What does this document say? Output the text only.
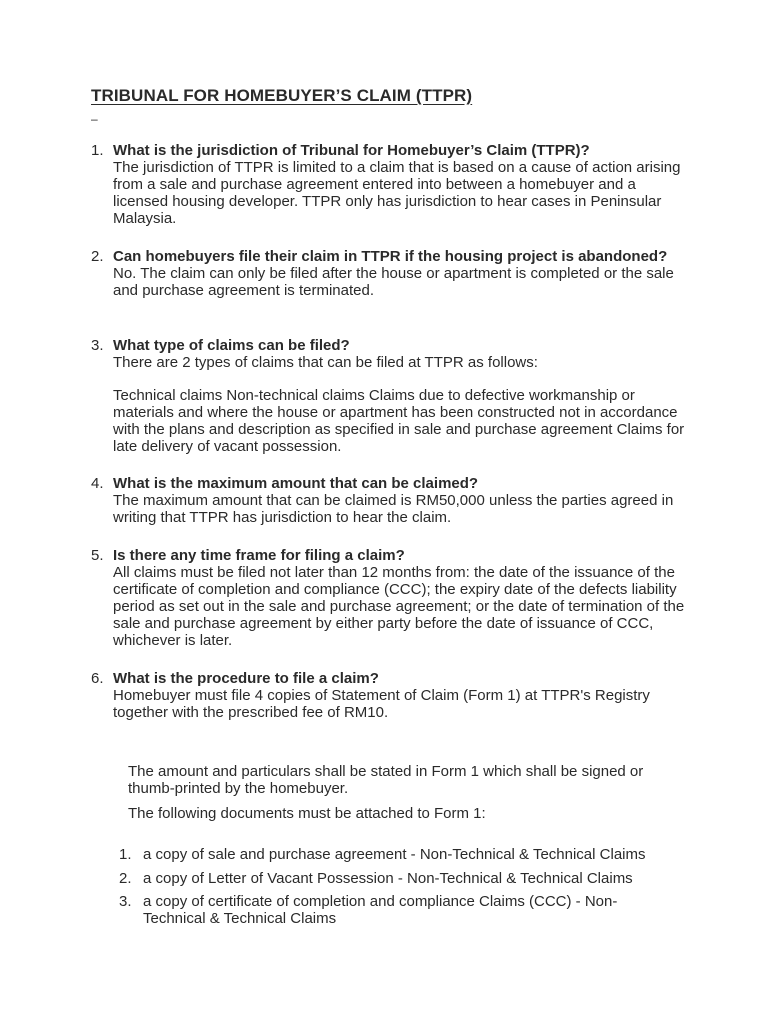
TRIBUNAL FOR HOMEBUYER’S CLAIM (TTPR)
–
1. What is the jurisdiction of Tribunal for Homebuyer’s Claim (TTPR)?

The jurisdiction of TTPR is limited to a claim that is based on a cause of action arising from a sale and purchase agreement entered into between a homebuyer and a licensed housing developer. TTPR only has jurisdiction to hear cases in Peninsular Malaysia.

2. Can homebuyers file their claim in TTPR if the housing project is abandoned?

No. The claim can only be filed after the house or apartment is completed or the sale and purchase agreement is terminated.

3. What type of claims can be filed?

There are 2 types of claims that can be filed at TTPR as follows:

Technical claims Non-technical claims Claims due to defective workmanship or materials and where the house or apartment has been constructed not in accordance with the plans and description as specified in sale and purchase agreement Claims for late delivery of vacant possession.

4. What is the maximum amount that can be claimed?

The maximum amount that can be claimed is RM50,000 unless the parties agreed in writing that TTPR has jurisdiction to hear the claim.

5. Is there any time frame for filing a claim?

All claims must be filed not later than 12 months from: the date of the issuance of the certificate of completion and compliance (CCC); the expiry date of the defects liability period as set out in the sale and purchase agreement; or the date of termination of the sale and purchase agreement by either party before the date of issuance of CCC, whichever is later.

6. What is the procedure to file a claim?

Homebuyer must file 4 copies of Statement of Claim (Form 1) at TTPR's Registry together with the prescribed fee of RM10.

The amount and particulars shall be stated in Form 1 which shall be signed or thumb-printed by the homebuyer.

The following documents must be attached to Form 1:

1. a copy of sale and purchase agreement - Non-Technical & Technical Claims
2. a copy of Letter of Vacant Possession - Non-Technical & Technical Claims
3. a copy of certificate of completion and compliance Claims (CCC) - Non-Technical & Technical Claims
